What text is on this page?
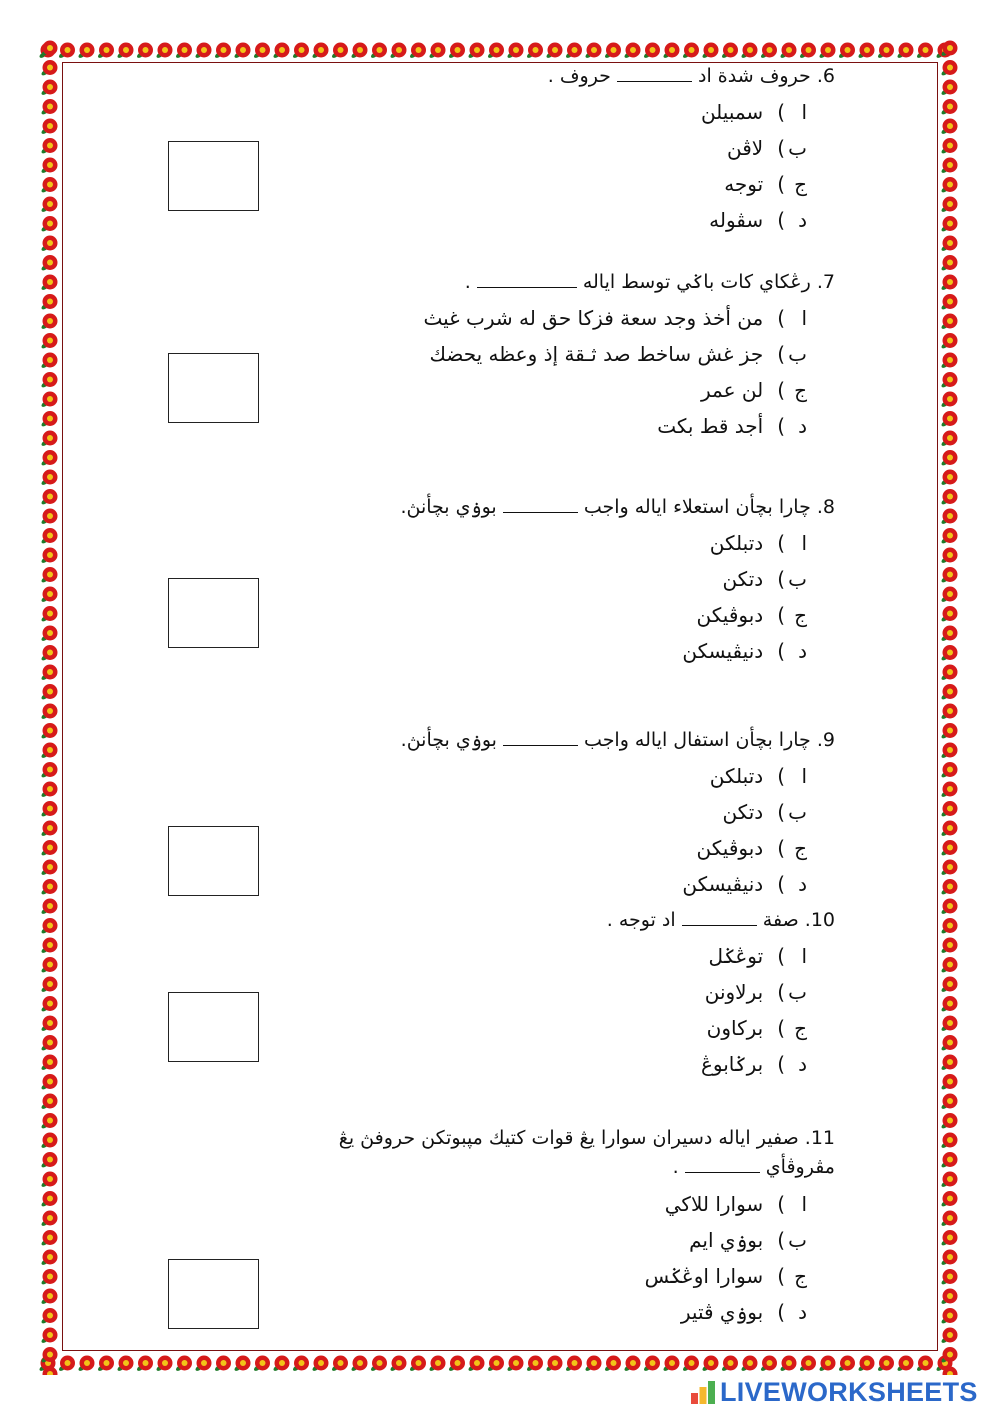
6. حروف شدة اد  حروف .
ا)سمبيلن
ب)لاڤن
ج)توجه
د)سڤوله
7. رڠكاي كات باݢي توسط اياله  .
ا)من أخذ وجد سعة فزكا حق له شرب غيث
ب)جز غش ساخط صد ثـقة إذ وعظه يحضك
ج)لن عمر
د)أجد قط بكت
8. چارا بچأن استعلاء اياله واجب  بوۏي بچأنڽ.
ا)دتبلكن
ب)دتكن
ج)دبوڤيكن
د)دنيڤيسكن
9. چارا بچأن استفال اياله واجب  بوۏي بچأنڽ.
ا)دتبلكن
ب)دتكن
ج)دبوڤيكن
د)دنيڤيسكن
10. صفة  اد توجه .
ا)توڠݢل
ب)برلاونن
ج)بركاون
د)برݢابوڠ
11. صفير اياله دسيران سوارا يڠ قوات كتيك مڽبوتكن حروفڽ يڠ
مڤروڤأي  .
ا)سوارا للاكي
ب)بوۏي ايم
ج)سوارا اوڠݢس
د)بوۏي ڤتير
LIVEWORKSHEETS
